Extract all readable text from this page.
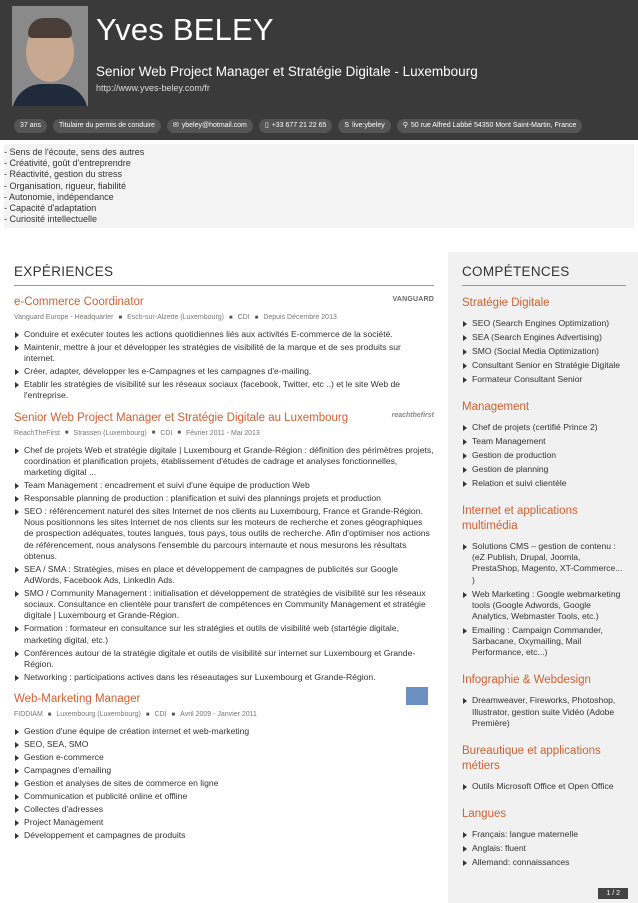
Yves BELEY
Senior Web Project Manager et Stratégie Digitale - Luxembourg
http://www.yves-beley.com/fr
37 ans	Titulaire du permis de conduire	✉ ybeley@hotmail.com	▯ +33 677 21 22 65	S live:ybeley	⚲ 50 rue Alfred Labbé 54350 Mont Saint-Martin, France
- Sens de l'écoute, sens des autres
- Créativité, goût d'entreprendre
- Réactivité, gestion du stress
- Organisation, rigueur, fiabilité
- Autonomie, indépendance
- Capacité d'adaptation
- Curiosité intellectuelle
EXPÉRIENCES
e-Commerce Coordinator
Vanguard Europe - Headquarter ■ Esch-sur-Alzette (Luxembourg) ■ CDI ■ Depuis Décembre 2013
VANGUARD
Conduire et exécuter toutes les actions quotidiennes liés aux activités E-commerce de la société.
Maintenir, mettre à jour et développer les stratégies de visibilité de la marque et de ses produits sur internet.
Créer, adapter, développer les e-Campagnes et les campagnes d'e-mailing.
Etablir les stratégies de visibilité sur les réseaux sociaux (facebook, Twitter, etc ..) et le site Web de l'entreprise.
Senior Web Project Manager et Stratégie Digitale au Luxembourg
ReachTheFirst ■ Strassen (Luxembourg) ■ CDI ■ Février 2011 - Mai 2013
reachthefirst
Chef de projets Web et stratégie digitale | Luxembourg et Grande-Région : définition des périmètres projets, coordination et planification projets, établissement d'études de cadrage et analyses fonctionnelles, marketing digital ...
Team Management : encadrement et suivi d'une équipe de production Web
Responsable planning de production : planification et suivi des plannings projets et production
SEO : référencement naturel des sites Internet de nos clients au Luxembourg, France et Grande-Région. Nous positionnons les sites Internet de nos clients sur les moteurs de recherche et zones géographiques de prospection adéquates, toutes langues, tous pays, tous outils de recherche. Afin d'optimiser nos actions de référencement, nous analysons l'ensemble du parcours internaute et nous mesurons les résultats obtenus.
SEA / SMA : Stratégies, mises en place et développement de campagnes de publicités sur Google AdWords, Facebook Ads, LinkedIn Ads.
SMO / Community Management : initialisation et développement de stratégies de visibilité sur les réseaux sociaux. Consultance en clientèle pour transfert de compétences en Community Management et stratégie digitale | Luxembourg et Grande-Région.
Formation : formateur en consultance sur les stratégies et outils de visibilité web (startégie digitale, marketing digital, etc.)
Conférences autour de la stratégie digitale et outils de visibilité sur internet sur Luxembourg et Grande-Région.
Networking : participations actives dans les réseautages sur Luxembourg et Grande-Région.
Web-Marketing Manager
FIDDIAM ■ Luxembourg (Luxembourg) ■ CDI ■ Avril 2009 - Janvier 2011
Gestion d'une équipe de création internet et web-marketing
SEO, SEA, SMO
Gestion e-commerce
Campagnes d'emailing
Gestion et analyses de sites de commerce en ligne
Communication et publicité online et offline
Collectes d'adresses
Project Management
Développement et campagnes de produits
COMPÉTENCES
Stratégie Digitale
SEO (Search Engines Optimization)
SEA (Search Engines Advertising)
SMO (Social Media Optimization)
Consultant Senior en Stratégie Digitale
Formateur Consultant Senior
Management
Chef de projets (certifié Prince 2)
Team Management
Gestion de production
Gestion de planning
Relation et suivi clientèle
Internet et applications multimédia
Solutions CMS – gestion de contenu : (eZ Publish, Drupal, Joomla, PrestaShop, Magento, XT-Commerce... )
Web Marketing : Google webmarketing tools (Google Adwords, Google Analytics, Webmaster Tools, etc.)
Emailing : Campaign Commander, Sarbacane, Oxymailing, Mail Performance, etc...)
Infographie & Webdesign
Dreamweaver, Fireworks, Photoshop, Illustrator, gestion suite Vidéo (Adobe Première)
Bureautique et applications métiers
Outils Microsoft Office et Open Office
Langues
Français: langue maternelle
Anglais: fluent
Allemand: connaissances
1 / 2
